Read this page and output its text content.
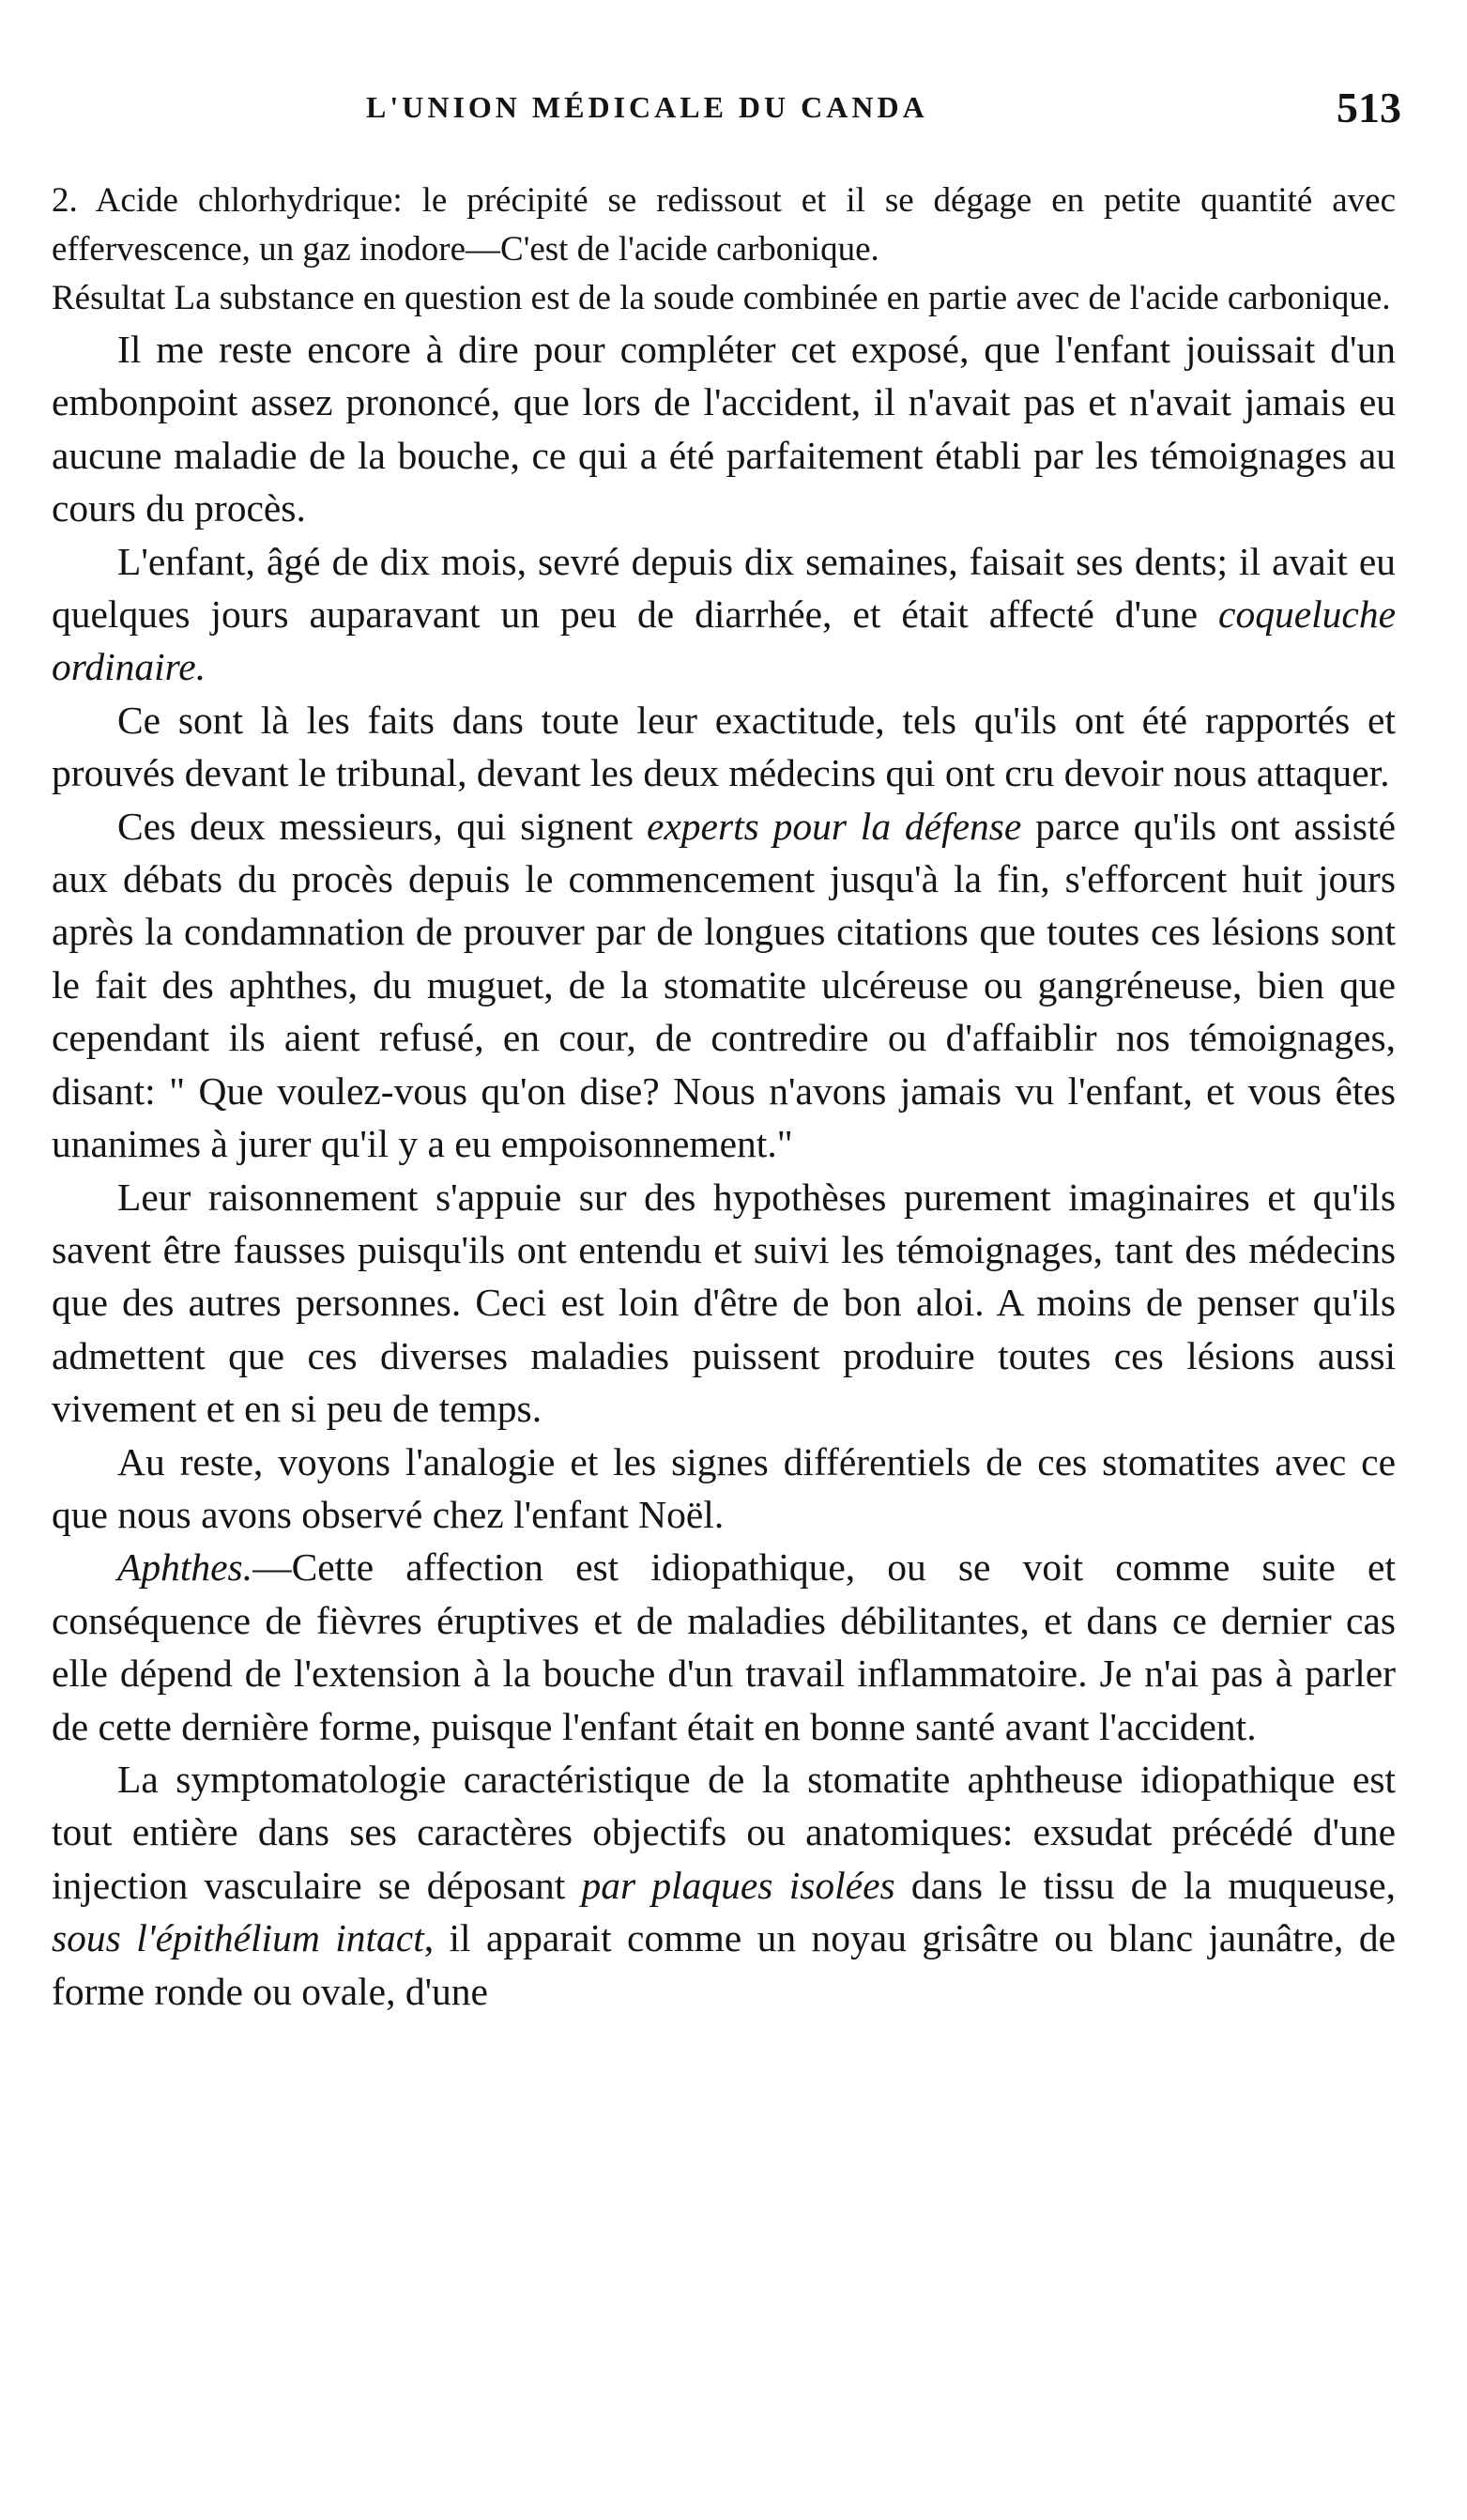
L'UNION MÉDICALE DU CANDA	513

2. Acide chlorhydrique: le précipité se redissout et il se dégage en petite quantité avec effervescence, un gaz inodore—C'est de l'acide carbonique.

Résultat La substance en question est de la soude combinée en partie avec de l'acide carbonique.

Il me reste encore à dire pour compléter cet exposé, que l'enfant jouissait d'un embonpoint assez prononcé, que lors de l'accident, il n'avait pas et n'avait jamais eu aucune maladie de la bouche, ce qui a été parfaitement établi par les témoignages au cours du procès.

L'enfant, âgé de dix mois, sevré depuis dix semaines, faisait ses dents; il avait eu quelques jours auparavant un peu de diarrhée, et était affecté d'une coqueluche ordinaire.

Ce sont là les faits dans toute leur exactitude, tels qu'ils ont été rapportés et prouvés devant le tribunal, devant les deux médecins qui ont cru devoir nous attaquer.

Ces deux messieurs, qui signent experts pour la défense parce qu'ils ont assisté aux débats du procès depuis le commencement jusqu'à la fin, s'efforcent huit jours après la condamnation de prouver par de longues citations que toutes ces lésions sont le fait des aphthes, du muguet, de la stomatite ulcéreuse ou gangréneuse, bien que cependant ils aient refusé, en cour, de contredire ou d'affaiblir nos témoignages, disant: " Que voulez-vous qu'on dise? Nous n'avons jamais vu l'enfant, et vous êtes unanimes à jurer qu'il y a eu empoisonnement."

Leur raisonnement s'appuie sur des hypothèses purement imaginaires et qu'ils savent être fausses puisqu'ils ont entendu et suivi les témoignages, tant des médecins que des autres personnes. Ceci est loin d'être de bon aloi. A moins de penser qu'ils admettent que ces diverses maladies puissent produire toutes ces lésions aussi vivement et en si peu de temps.

Au reste, voyons l'analogie et les signes différentiels de ces stomatites avec ce que nous avons observé chez l'enfant Noël.

Aphthes.—Cette affection est idiopathique, ou se voit comme suite et conséquence de fièvres éruptives et de maladies débilitantes, et dans ce dernier cas elle dépend de l'extension à la bouche d'un travail inflammatoire. Je n'ai pas à parler de cette dernière forme, puisque l'enfant était en bonne santé avant l'accident.

La symptomatologie caractéristique de la stomatite aphtheuse idiopathique est tout entière dans ses caractères objectifs ou anatomiques: exsudat précédé d'une injection vasculaire se déposant par plaques isolées dans le tissu de la muqueuse, sous l'épithélium intact, il apparait comme un noyau grisâtre ou blanc jaunâtre, de forme ronde ou ovale, d'une
